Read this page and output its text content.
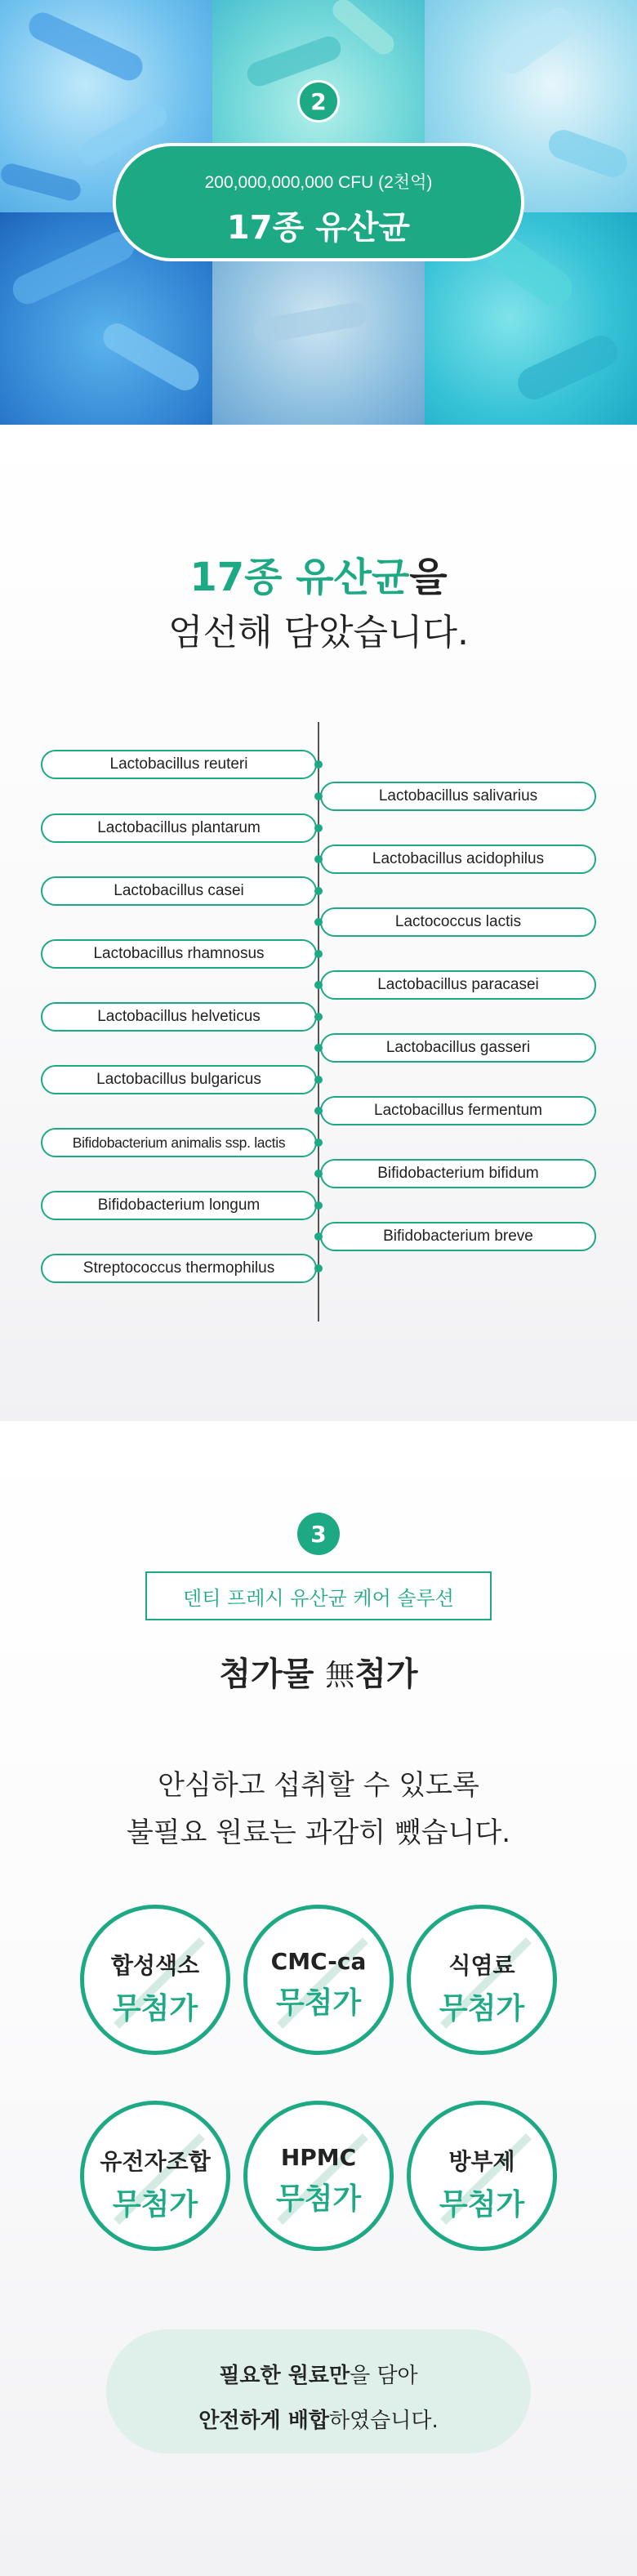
2
200,000,000,000 CFU (2천억)
17종 유산균
17종 유산균을
엄선해 담았습니다.
Lactobacillus reuteri
Lactobacillus plantarum
Lactobacillus casei
Lactobacillus rhamnosus
Lactobacillus helveticus
Lactobacillus bulgaricus
Bifidobacterium animalis ssp. lactis
Bifidobacterium longum
Streptococcus thermophilus
Lactobacillus salivarius
Lactobacillus acidophilus
Lactococcus lactis
Lactobacillus paracasei
Lactobacillus gasseri
Lactobacillus fermentum
Bifidobacterium bifidum
Bifidobacterium breve
3
덴티 프레시 유산균 케어 솔루션
첨가물 無첨가
안심하고 섭취할 수 있도록
불필요 원료는 과감히 뺐습니다.
합성색소
무첨가
CMC-ca
무첨가
식염료
무첨가
유전자조합
무첨가
HPMC
무첨가
방부제
무첨가
필요한 원료만을 담아
안전하게 배합하였습니다.
